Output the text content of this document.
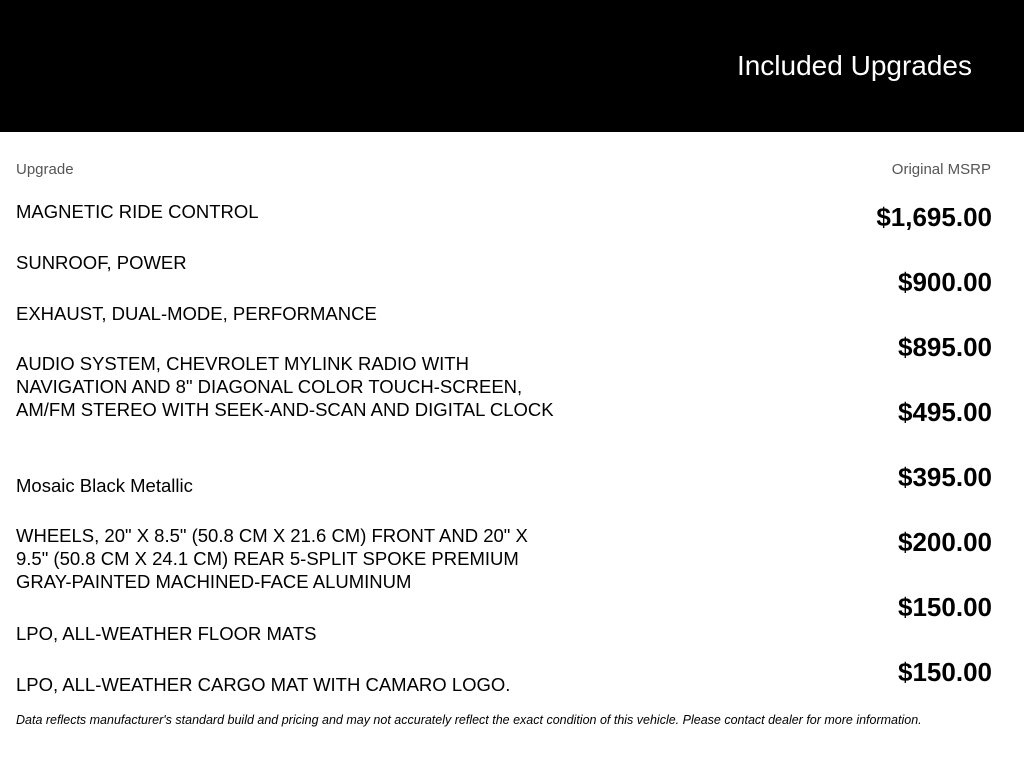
Included Upgrades
Upgrade	Original MSRP
MAGNETIC RIDE CONTROL
SUNROOF, POWER
EXHAUST, DUAL-MODE, PERFORMANCE
AUDIO SYSTEM, CHEVROLET MYLINK RADIO WITH NAVIGATION AND 8" DIAGONAL COLOR TOUCH-SCREEN, AM/FM STEREO WITH SEEK-AND-SCAN AND DIGITAL CLOCK
Mosaic Black Metallic
WHEELS, 20" X 8.5" (50.8 CM X 21.6 CM) FRONT AND 20" X 9.5" (50.8 CM X 24.1 CM) REAR 5-SPLIT SPOKE PREMIUM GRAY-PAINTED MACHINED-FACE ALUMINUM
LPO, ALL-WEATHER FLOOR MATS
LPO, ALL-WEATHER CARGO MAT WITH CAMARO LOGO.
$1,695.00
$900.00
$895.00
$495.00
$395.00
$200.00
$150.00
$150.00
Data reflects manufacturer's standard build and pricing and may not accurately reflect the exact condition of this vehicle. Please contact dealer for more information.
